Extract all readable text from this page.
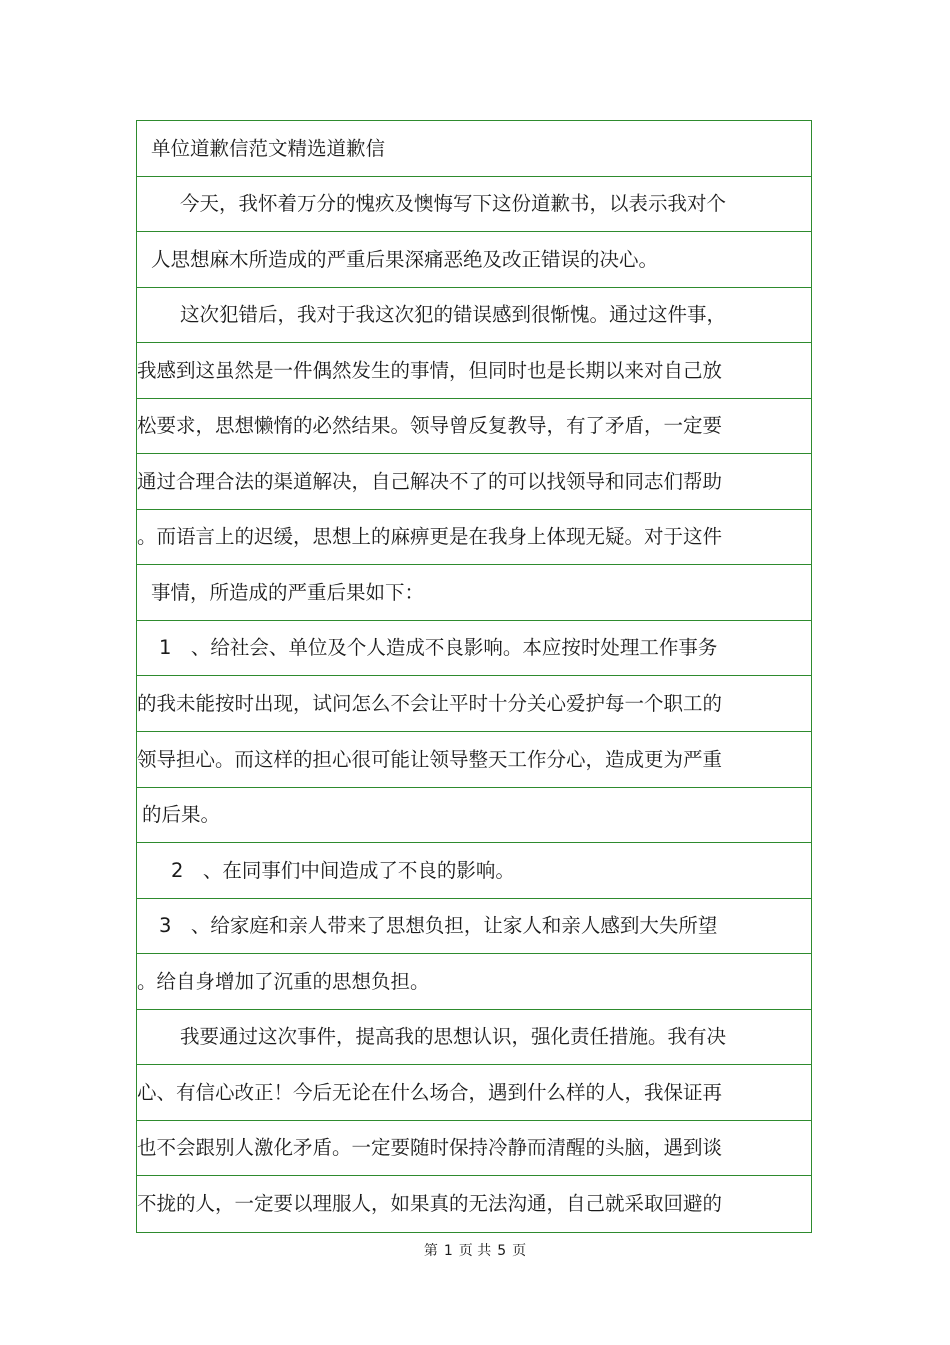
单位道歉信范文精选道歉信
今天，我怀着万分的愧疚及懊悔写下这份道歉书，以表示我对个
人思想麻木所造成的严重后果深痛恶绝及改正错误的决心。
这次犯错后，我对于我这次犯的错误感到很惭愧。通过这件事，
我感到这虽然是一件偶然发生的事情，但同时也是长期以来对自己放
松要求，思想懒惰的必然结果。领导曾反复教导，有了矛盾，一定要
通过合理合法的渠道解决，自己解决不了的可以找领导和同志们帮助
。而语言上的迟缓，思想上的麻痹更是在我身上体现无疑。对于这件
事情，所造成的严重后果如下：
1　、给社会、单位及个人造成不良影响。本应按时处理工作事务
的我未能按时出现，试问怎么不会让平时十分关心爱护每一个职工的
领导担心。而这样的担心很可能让领导整天工作分心，造成更为严重
的后果。
2　、在同事们中间造成了不良的影响。
3　、给家庭和亲人带来了思想负担，让家人和亲人感到大失所望
。给自身增加了沉重的思想负担。
我要通过这次事件，提高我的思想认识，强化责任措施。我有决
心、有信心改正！今后无论在什么场合，遇到什么样的人，我保证再
也不会跟别人激化矛盾。一定要随时保持冷静而清醒的头脑，遇到谈
不拢的人，一定要以理服人，如果真的无法沟通，自己就采取回避的
第 1 页 共 5 页
